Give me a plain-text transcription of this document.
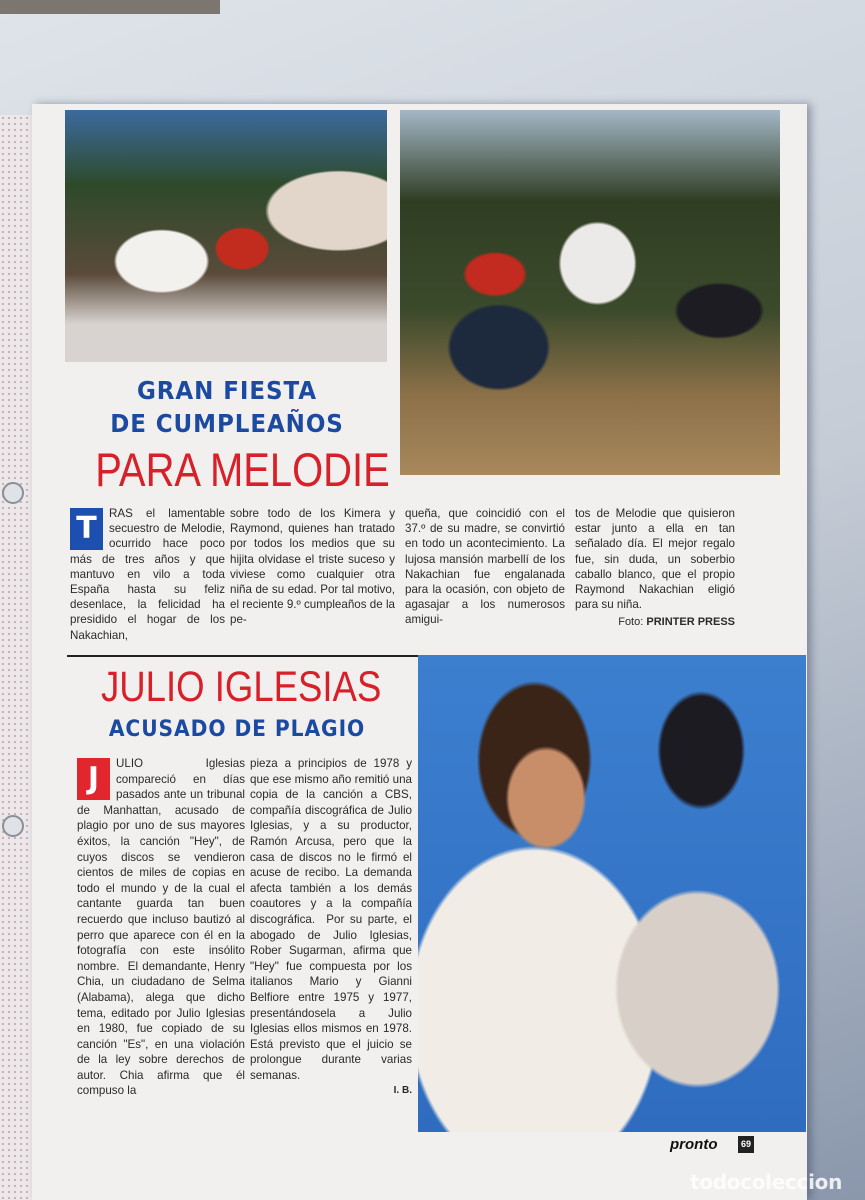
GRAN FIESTA
DE CUMPLEAÑOS
PARA MELODIE
T	RAS el lamentable secuestro de Melodie, ocurrido hace poco más de tres años y que mantuvo en vilo a toda España hasta su feliz desenlace, la felicidad ha presidido el hogar de los Nakachian,
sobre todo de los Kimera y Raymond, quienes han tratado por todos los medios que su hijita olvidase el triste suceso y viviese como cualquier otra niña de su edad. Por tal motivo, el reciente 9.º cumpleaños de la pe-
queña, que coincidió con el 37.º de su madre, se convirtió en todo un acontecimiento. La lujosa mansión marbellí de los Nakachian fue engalanada para la ocasión, con objeto de agasajar a los numerosos amigui-
tos de Melodie que quisieron estar junto a ella en tan señalado día. El mejor regalo fue, sin duda, un soberbio caballo blanco, que el propio Raymond Nakachian eligió para su niña.
Foto: PRINTER PRESS
JULIO IGLESIAS
ACUSADO DE PLAGIO
J	ULIO Iglesias compareció en días pasados ante un tribunal de Manhattan, acusado de plagio por uno de sus mayores éxitos, la canción "Hey", de cuyos discos se vendieron cientos de miles de copias en todo el mundo y de la cual el cantante guarda tan buen recuerdo que incluso bautizó al perro que aparece con él en la fotografía con este insólito nombre.  El demandante, Henry Chia, un ciudadano de Selma (Alabama), alega que dicho tema, editado por Julio Iglesias en 1980, fue copiado de su canción "Es", en una violación de la ley sobre derechos de autor. Chia afirma que él compuso la
pieza a principios de 1978 y que ese mismo año remitió una copia de la canción a CBS, compañía discográfica de Julio Iglesias, y a su productor, Ramón Arcusa, pero que la casa de discos no le firmó el acuse de recibo. La demanda afecta también a los demás coautores y a la compañía discográfica.  Por su parte, el abogado de Julio Iglesias, Rober Sugarman, afirma que "Hey" fue compuesta por los italianos Mario y Gianni Belfiore entre 1975 y 1977, presentándosela a Julio Iglesias ellos mismos en 1978. Está previsto que el juicio se prolongue durante varias semanas.
I. B.
pronto	69
todocoleccion
